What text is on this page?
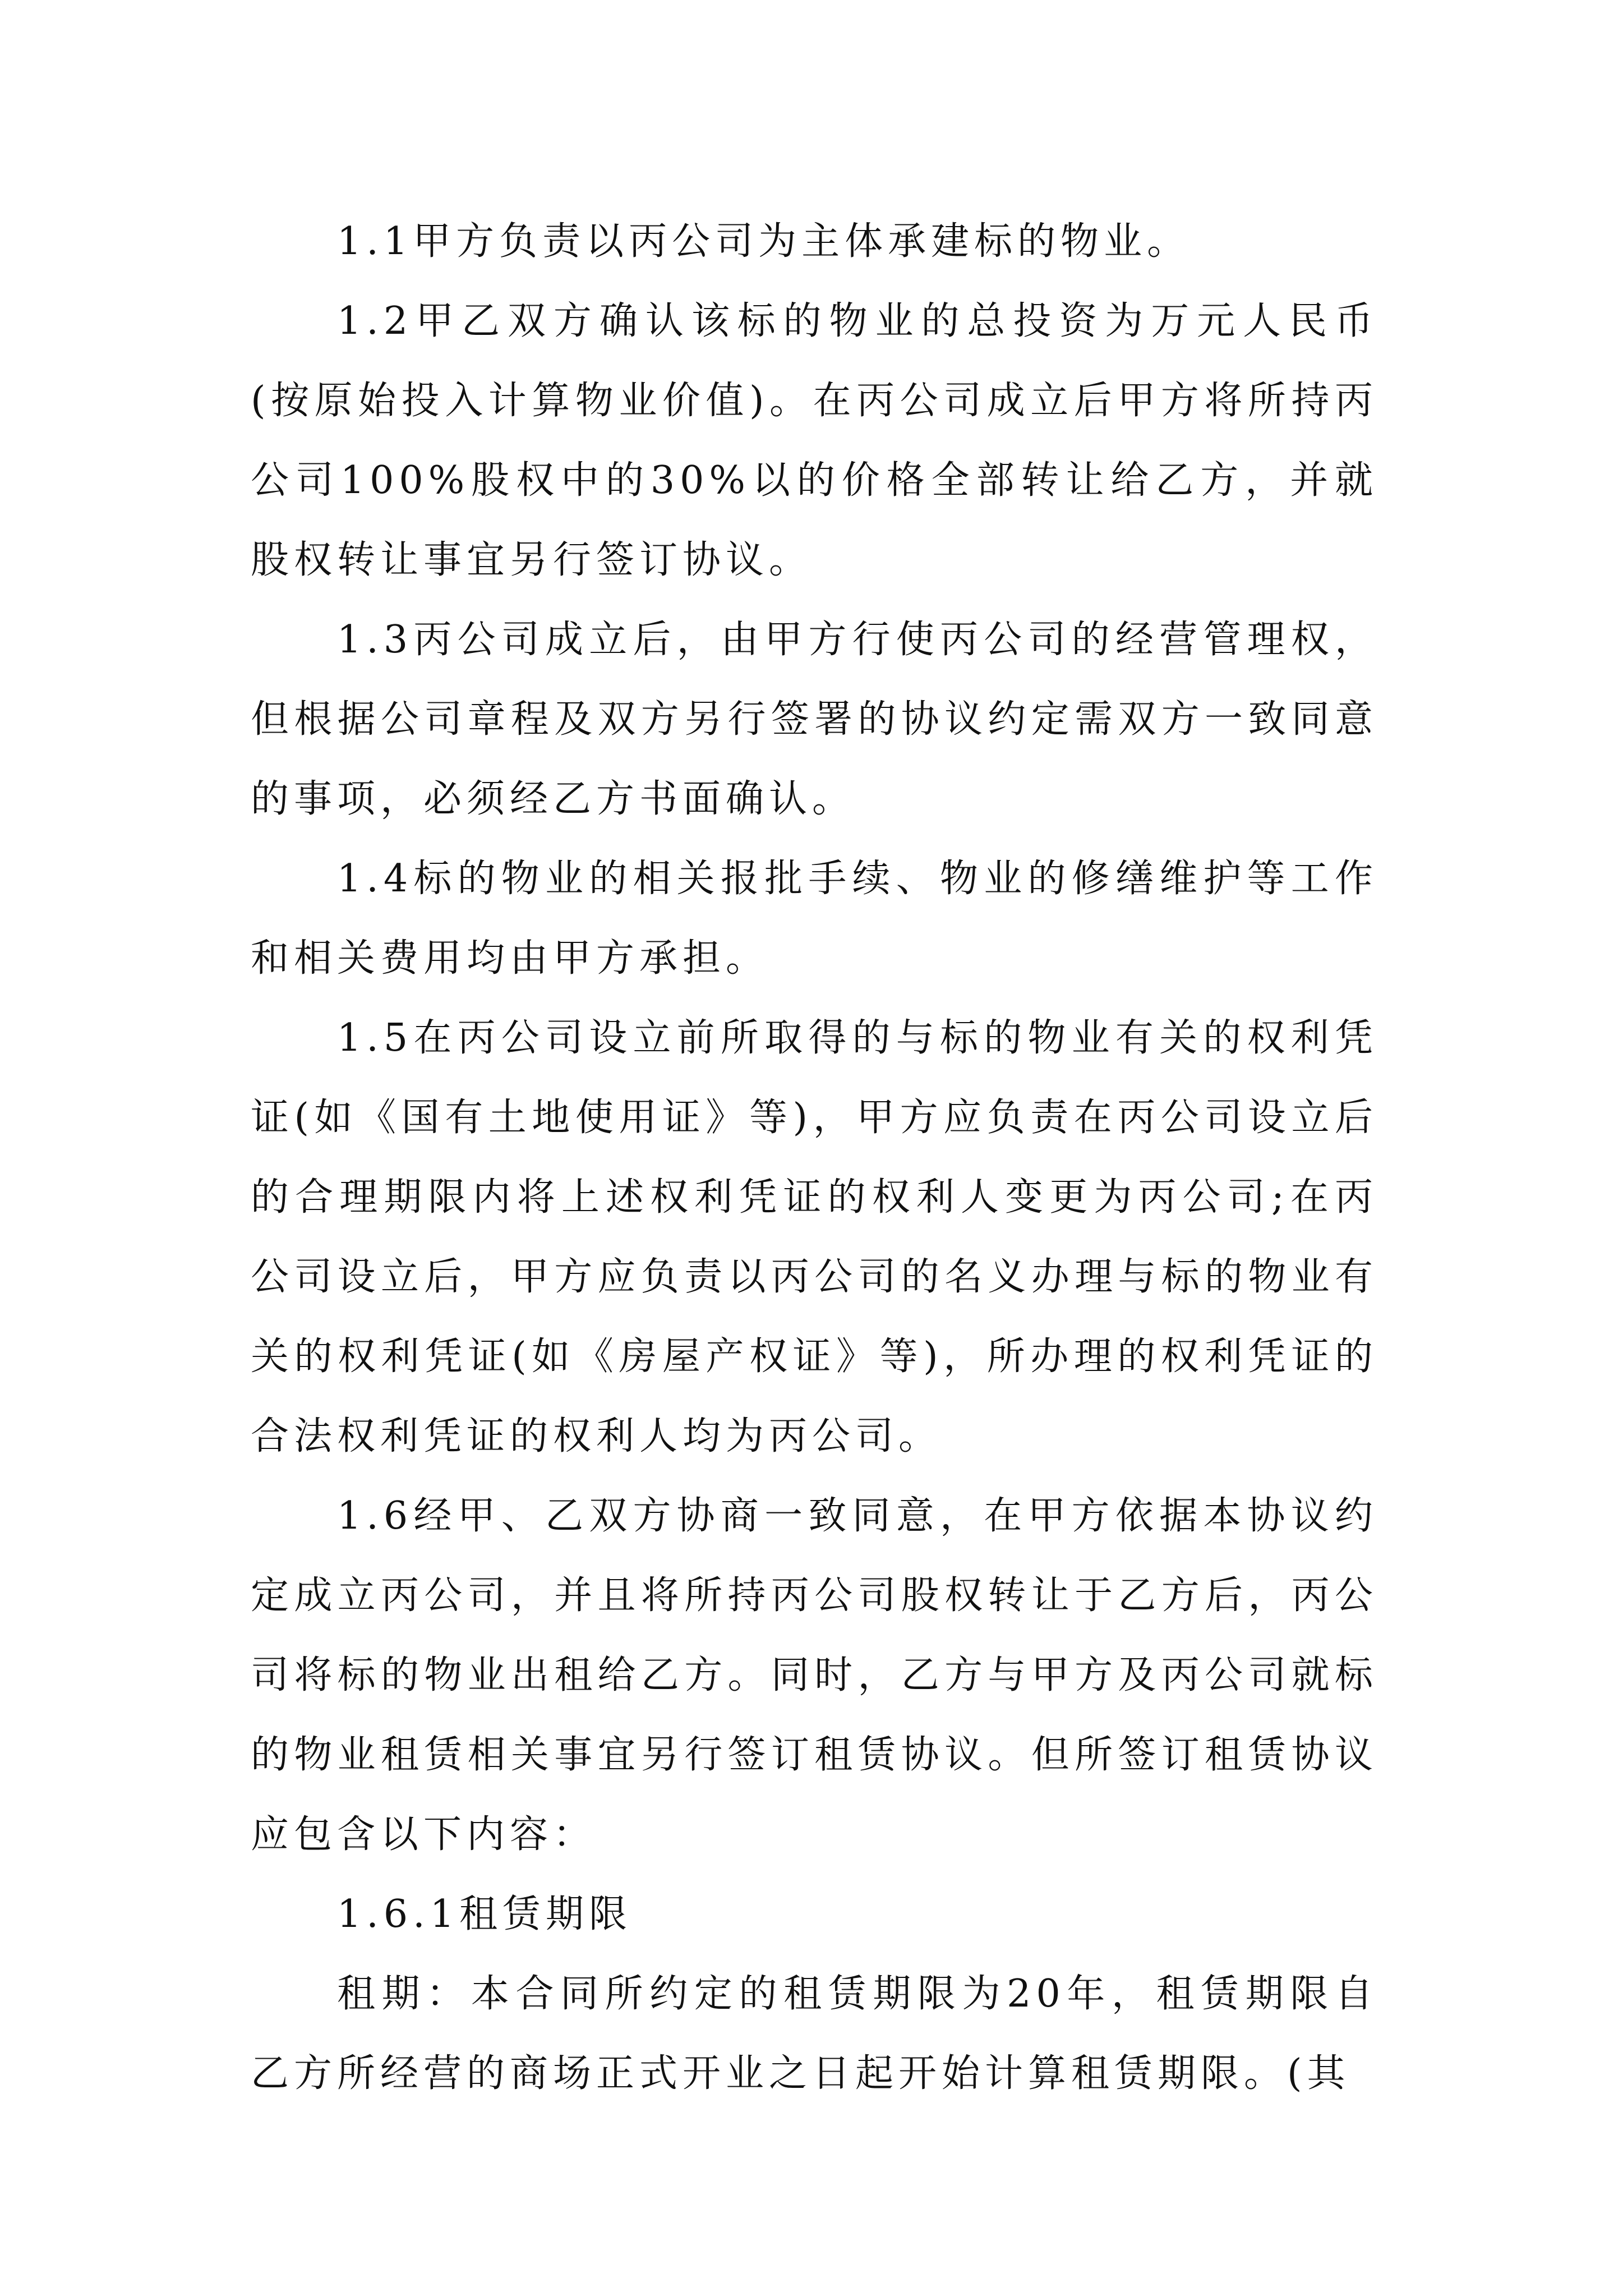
1.1甲方负责以丙公司为主体承建标的物业。

1.2甲乙双方确认该标的物业的总投资为万元人民币(按原始投入计算物业价值)。在丙公司成立后甲方将所持丙公司100%股权中的30%以的价格全部转让给乙方，并就股权转让事宜另行签订协议。

1.3丙公司成立后，由甲方行使丙公司的经营管理权，但根据公司章程及双方另行签署的协议约定需双方一致同意的事项，必须经乙方书面确认。

1.4标的物业的相关报批手续、物业的修缮维护等工作和相关费用均由甲方承担。

1.5在丙公司设立前所取得的与标的物业有关的权利凭证(如《国有土地使用证》等)，甲方应负责在丙公司设立后的合理期限内将上述权利凭证的权利人变更为丙公司;在丙公司设立后，甲方应负责以丙公司的名义办理与标的物业有关的权利凭证(如《房屋产权证》等)，所办理的权利凭证的合法权利凭证的权利人均为丙公司。

1.6经甲、乙双方协商一致同意，在甲方依据本协议约定成立丙公司，并且将所持丙公司股权转让于乙方后，丙公司将标的物业出租给乙方。同时，乙方与甲方及丙公司就标的物业租赁相关事宜另行签订租赁协议。但所签订租赁协议应包含以下内容：

1.6.1租赁期限

租期：本合同所约定的租赁期限为20年，租赁期限自乙方所经营的商场正式开业之日起开始计算租赁期限。(其
